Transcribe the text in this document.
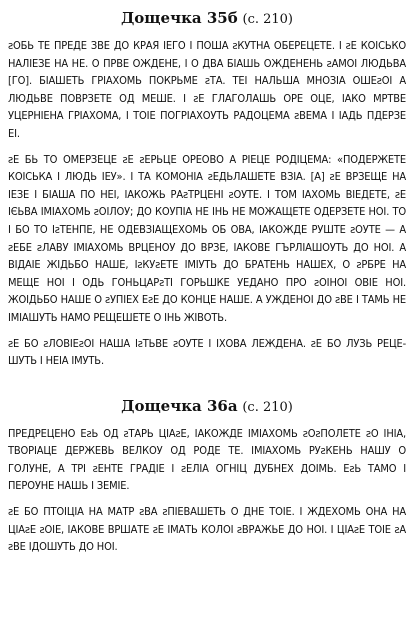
Дощечка 35б (с. 210)

ƨОБЬ ТЕ ПРЕДЕ ЗВЕ ДО КРАЯ ІЕГО І ПОША ƨКУТНА ОБЕРЕЦЕТЕ. І ƨЕ КОІСЬКО НАЛІЕЗЕ НА НЕ. О ПРВЕ ОЖДЕНЕ, І О ДВА БІАШЬ ОЖДЕНЕНЬ ƨАМОІ ЛЮДЬВА [ГО]. БІАШЕТЬ ГРІАХОМЬ ПОКРЬМЕ ƨТА. ТЕІ НАЛЬША МНОЗІА ОШЕƨОІ А ЛЮДЬВЕ ПОВРЗЕТЕ ОД МЕШЕ. І ƨЕ ГЛАГОЛАШЬ ОРЕ ОЦЕ, ІАКО МРТВЕ УЦЕРНІЕНА ГРІАХОМА, І ТОІЕ ПОГРІАХОУТЬ РАДОЦЕМА ƨВЕМА І ІАДЬ ПДЕРЗЕ ЕІ.

ƨЕ БЬ ТО ОМЕРЗЕЦЕ ƨЕ ƨЕРЬЦЕ ОРЕОВО А РІЕЦЕ РОДІЦЕМА: «ПОДЕРЖЕТЕ КОІСЬКА І ЛЮДЬ ІЕУ». І ТА КОМОНІА ƨЕДЬЛАШЕТЕ ВЗІА. [А] ƨЕ ВРЗЕЩЕ НА ІЕЗЕ І БІАША ПО НЕІ, ІАКОЖЬ РАƨТРЦЕНІ ƨОУТЕ. І ТОМ ІАХОМЬ ВІЕДЕТЕ, ƨЕ ІЄЬВА ІМІАХОМЬ ƨОІЛОУ; ДО КОУПІА НЕ ІНЬ НЕ МОЖАЩЕТЕ ОДЕРЗЕТЕ НОІ. ТО І БО ТО ІƨТЕНПЕ, НЕ ОДЕВЗІАЩЕХОМЬ ОБ ОВА, ІАКОЖДЕ РУШТЕ ƨОУТЕ — А ƨЕБЕ ƨЛАВУ ІМІАХОМЬ ВРЦЕНОУ ДО ВРЗЕ, ІАКОВЕ ГЪРЛІАШОУТЬ ДО НОІ. А ВІДАІЕ ЖІДЬБО НАШЕ, ІƨКУƨЕТЕ ІМІУТЬ ДО БРАТЕНЬ НАШЕХ, О ƨРБРЕ НА МЕЩЕ НОІ І ОДЬ ГОНЬЦАРƨТІ ГОРЬШКЕ УЕДАНО ПРО ƨОІНОІ ОВІЕ НОІ. ЖОІДЬБО НАШЕ О ƨУПІЕХ ЕƨЕ ДО КОНЦЕ НАШЕ. А УЖДЕНОІ ДО ƨВЕ І ТАМЬ НЕ ІМІАШУТЬ НАМО РЕЩЕШЕТЕ О ІНЬ ЖІВОТЬ.

ƨЕ БО ƨЛОВІЕƨОІ НАША ІƨТЬВЕ ƨОУТЕ І ІХОВА ЛЕЖДЕНА. ƨЕ БО ЛУЗЬ РЕЦЕ-ШУТЬ І НЕІА ІМУТЬ.

Дощечка 36а (с. 210)

ПРЕДРЕЦЕНО ЕƨЬ ОД ƨТАРЬ ЦІАƨЕ, ІАКОЖДЕ ІМІАХОМЬ ƨОƨПОЛЕТЕ ƨО ІНІА, ТВОРІАЦЕ ДЕРЖЕВЬ ВЕЛКОУ ОД РОДЕ ТЕ. ІМІАХОМЬ РУƨКЕНЬ НАШУ О ГОЛУНЕ, А ТРІ ƨЕНТЕ ГРАДІЕ І ƨЕЛІА ОГНІЦ ДУБНЕХ ДОІМЬ. ЕƨЬ ТАМО І ПЕРОУНЕ НАШЬ І ЗЕМІЕ.

ƨЕ БО ПТОІЦІА НА МАТР ƨВА ƨПІЕВАШЕТЬ О ДНЕ ТОІЕ. І ЖДЕХОМЬ ОНА НА ЦІАƨЕ ƨОІЕ, ІАКОВЕ ВРШАТЕ ƨЕ ІМАТЬ КОЛОІ ƨВРАЖЬЕ ДО НОІ. І ЦІАƨЕ ТОІЕ ƨА ƨВЕ ІДОШУТЬ ДО НОІ.
